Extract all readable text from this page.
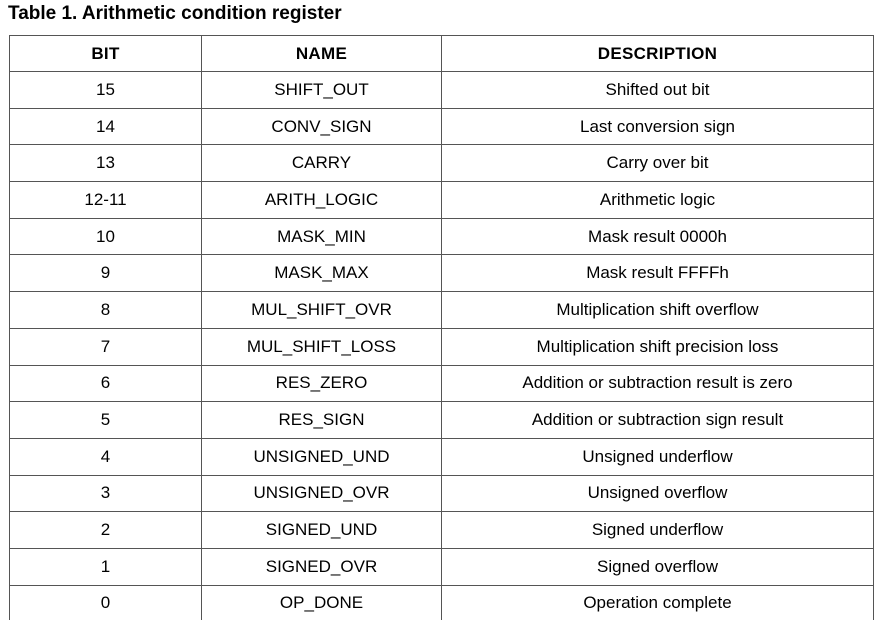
Table 1. Arithmetic condition register
BIT	NAME	DESCRIPTION
15	SHIFT_OUT	Shifted out bit
14	CONV_SIGN	Last conversion sign
13	CARRY	Carry over bit
12-11	ARITH_LOGIC	Arithmetic logic
10	MASK_MIN	Mask result 0000h
9	MASK_MAX	Mask result FFFFh
8	MUL_SHIFT_OVR	Multiplication shift overflow
7	MUL_SHIFT_LOSS	Multiplication shift precision loss
6	RES_ZERO	Addition or subtraction result is zero
5	RES_SIGN	Addition or subtraction sign result
4	UNSIGNED_UND	Unsigned underflow
3	UNSIGNED_OVR	Unsigned overflow
2	SIGNED_UND	Signed underflow
1	SIGNED_OVR	Signed overflow
0	OP_DONE	Operation complete
